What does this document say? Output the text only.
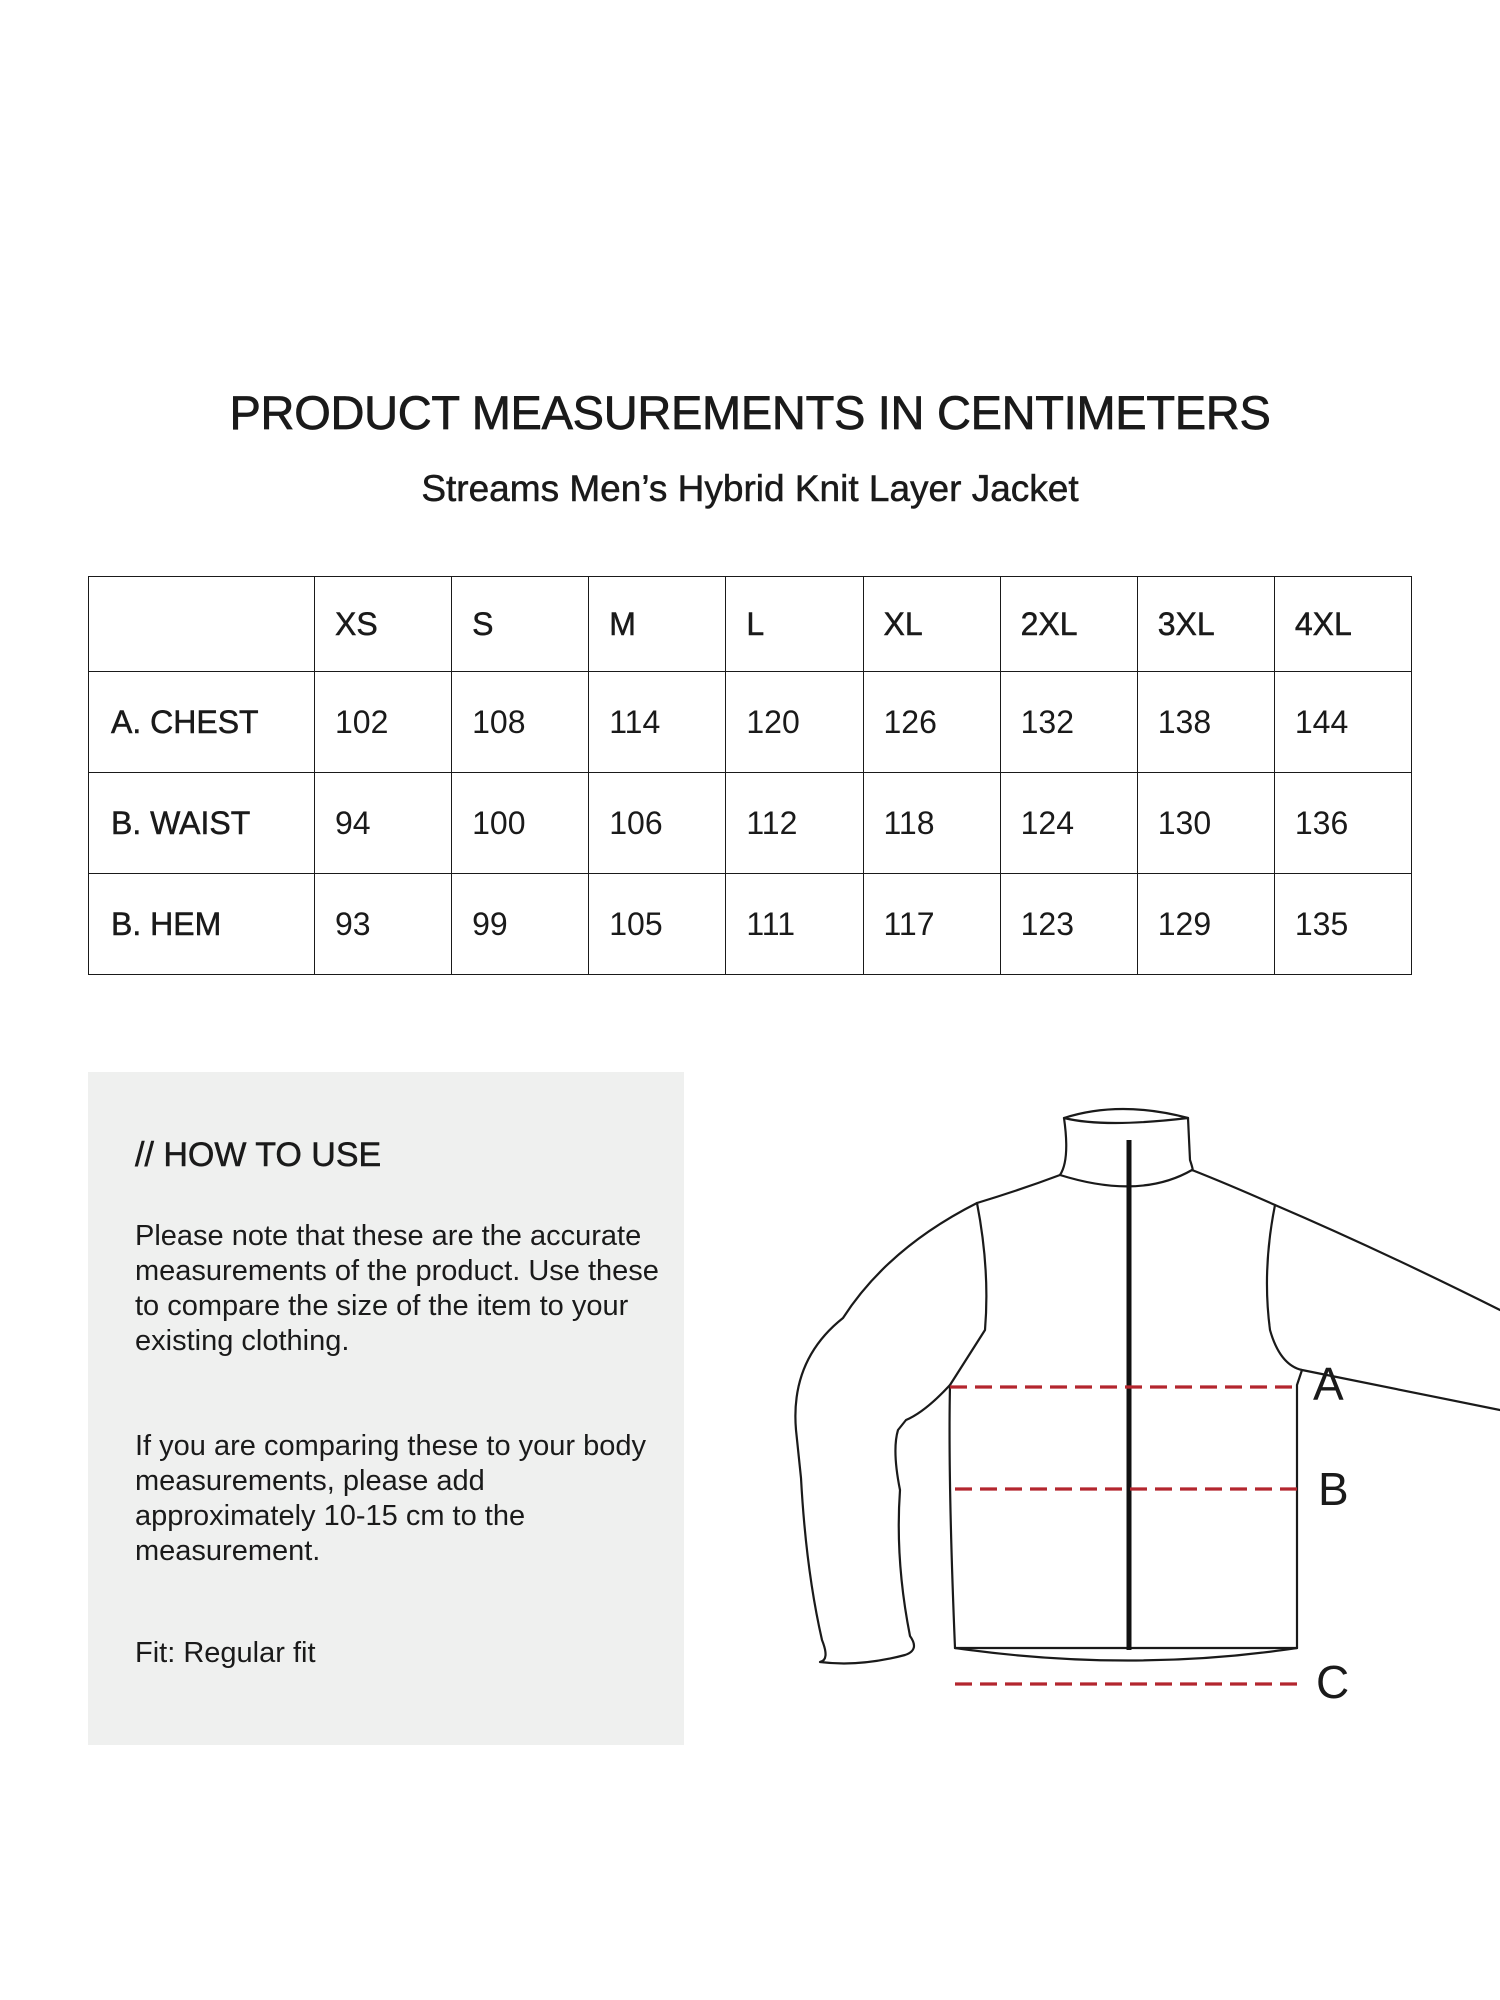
PRODUCT MEASUREMENTS IN CENTIMETERS
Streams Men’s Hybrid Knit Layer Jacket
	XS	S	M	L	XL	2XL	3XL	4XL
A. CHEST	102	108	114	120	126	132	138	144
B. WAIST	94	100	106	112	118	124	130	136
B. HEM	93	99	105	111	117	123	129	135
// HOW TO USE
Please note that these are the accurate measurements of the product. Use these to compare the size of the item to your existing clothing.
If you are comparing these to your body measurements, please add approximately 10-15 cm to the measurement.
Fit: Regular fit
A
B
C
